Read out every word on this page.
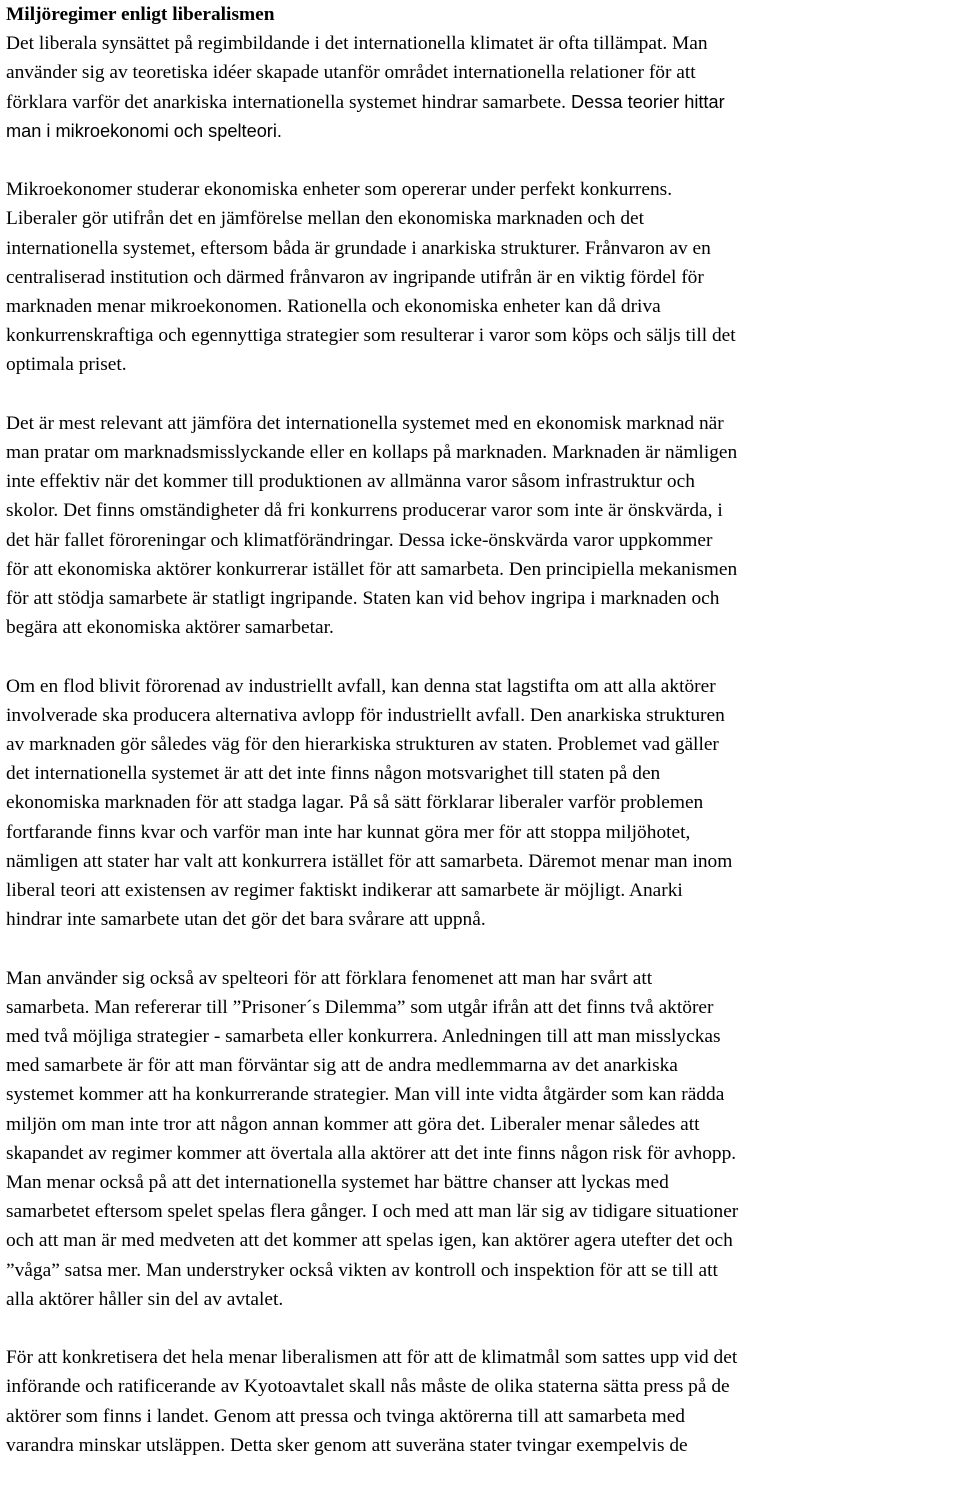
Miljöregimer enligt liberalismen
Det liberala synsättet på regimbildande i det internationella klimatet är ofta tillämpat. Man
använder sig av teoretiska idéer skapade utanför området internationella relationer för att
förklara varför det anarkiska internationella systemet hindrar samarbete. Dessa teorier hittar
man i mikroekonomi och spelteori.
Mikroekonomer studerar ekonomiska enheter som opererar under perfekt konkurrens.
Liberaler gör utifrån det en jämförelse mellan den ekonomiska marknaden och det
internationella systemet, eftersom båda är grundade i anarkiska strukturer. Frånvaron av en
centraliserad institution och därmed frånvaron av ingripande utifrån är en viktig fördel för
marknaden menar mikroekonomen. Rationella och ekonomiska enheter kan då driva
konkurrenskraftiga och egennyttiga strategier som resulterar i varor som köps och säljs till det
optimala priset.
Det är mest relevant att jämföra det internationella systemet med en ekonomisk marknad när
man pratar om marknadsmisslyckande eller en kollaps på marknaden. Marknaden är nämligen
inte effektiv när det kommer till produktionen av allmänna varor såsom infrastruktur och
skolor. Det finns omständigheter då fri konkurrens producerar varor som inte är önskvärda, i
det här fallet föroreningar och klimatförändringar. Dessa icke-önskvärda varor uppkommer
för att ekonomiska aktörer konkurrerar istället för att samarbeta. Den principiella mekanismen
för att stödja samarbete är statligt ingripande. Staten kan vid behov ingripa i marknaden och
begära att ekonomiska aktörer samarbetar.
Om en flod blivit förorenad av industriellt avfall, kan denna stat lagstifta om att alla aktörer
involverade ska producera alternativa avlopp för industriellt avfall. Den anarkiska strukturen
av marknaden gör således väg för den hierarkiska strukturen av staten. Problemet vad gäller
det internationella systemet är att det inte finns någon motsvarighet till staten på den
ekonomiska marknaden för att stadga lagar. På så sätt förklarar liberaler varför problemen
fortfarande finns kvar och varför man inte har kunnat göra mer för att stoppa miljöhotet,
nämligen att stater har valt att konkurrera istället för att samarbeta. Däremot menar man inom
liberal teori att existensen av regimer faktiskt indikerar att samarbete är möjligt. Anarki
hindrar inte samarbete utan det gör det bara svårare att uppnå.
Man använder sig också av spelteori för att förklara fenomenet att man har svårt att
samarbeta. Man refererar till ”Prisoner´s Dilemma” som utgår ifrån att det finns två aktörer
med två möjliga strategier - samarbeta eller konkurrera. Anledningen till att man misslyckas
med samarbete är för att man förväntar sig att de andra medlemmarna av det anarkiska
systemet kommer att ha konkurrerande strategier. Man vill inte vidta åtgärder som kan rädda
miljön om man inte tror att någon annan kommer att göra det. Liberaler menar således att
skapandet av regimer kommer att övertala alla aktörer att det inte finns någon risk för avhopp.
Man menar också på att det internationella systemet har bättre chanser att lyckas med
samarbetet eftersom spelet spelas flera gånger. I och med att man lär sig av tidigare situationer
och att man är med medveten att det kommer att spelas igen, kan aktörer agera utefter det och
”våga” satsa mer. Man understryker också vikten av kontroll och inspektion för att se till att
alla aktörer håller sin del av avtalet.
För att konkretisera det hela menar liberalismen att för att de klimatmål som sattes upp vid det
införande och ratificerande av Kyotoavtalet skall nås måste de olika staterna sätta press på de
aktörer som finns i landet. Genom att pressa och tvinga aktörerna till att samarbeta med
varandra minskar utsläppen. Detta sker genom att suveräna stater tvingar exempelvis de
